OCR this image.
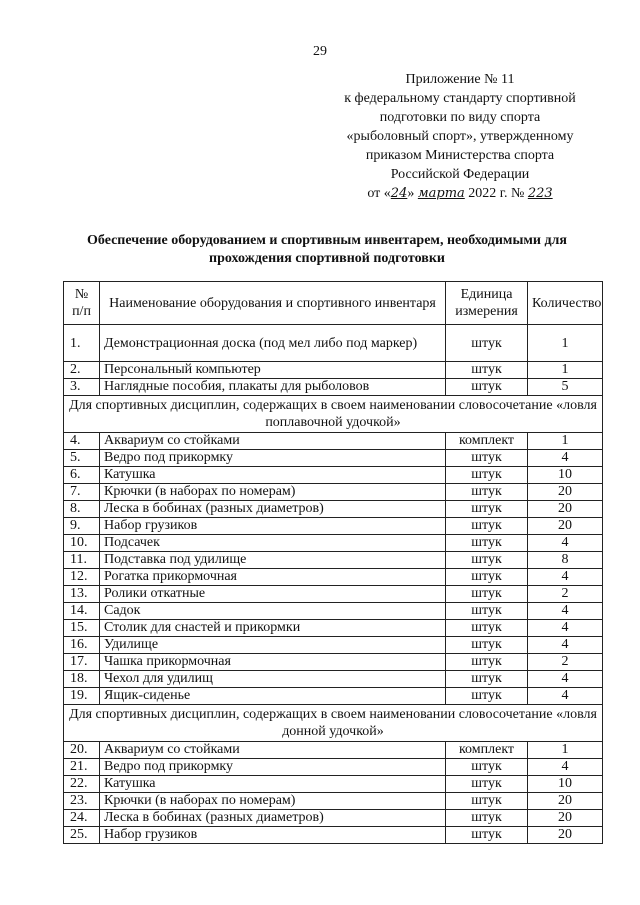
29
Приложение № 11
к федеральному стандарту спортивной
подготовки по виду спорта
«рыболовный спорт», утвержденному
приказом Министерства спорта
Российской Федерации
от «24» марта 2022 г. № 223
Обеспечение оборудованием и спортивным инвентарем, необходимыми для прохождения спортивной подготовки
№ п/п	Наименование оборудования и спортивного инвентаря	Единица измерения	Количество
1.	Демонстрационная доска (под мел либо под маркер)	штук	1
2.	Персональный компьютер	штук	1
3.	Наглядные пособия, плакаты для рыболовов	штук	5
Для спортивных дисциплин, содержащих в своем наименовании словосочетание «ловля поплавочной удочкой»			
4.	Аквариум со стойками	комплект	1
5.	Ведро под прикормку	штук	4
6.	Катушка	штук	10
7.	Крючки (в наборах по номерам)	штук	20
8.	Леска в бобинах (разных диаметров)	штук	20
9.	Набор грузиков	штук	20
10.	Подсачек	штук	4
11.	Подставка под удилище	штук	8
12.	Рогатка прикормочная	штук	4
13.	Ролики откатные	штук	2
14.	Садок	штук	4
15.	Столик для снастей и прикормки	штук	4
16.	Удилище	штук	4
17.	Чашка прикормочная	штук	2
18.	Чехол для удилищ	штук	4
19.	Ящик-сиденье	штук	4
Для спортивных дисциплин, содержащих в своем наименовании словосочетание «ловля донной удочкой»			
20.	Аквариум со стойками	комплект	1
21.	Ведро под прикормку	штук	4
22.	Катушка	штук	10
23.	Крючки (в наборах по номерам)	штук	20
24.	Леска в бобинах (разных диаметров)	штук	20
25.	Набор грузиков	штук	20
